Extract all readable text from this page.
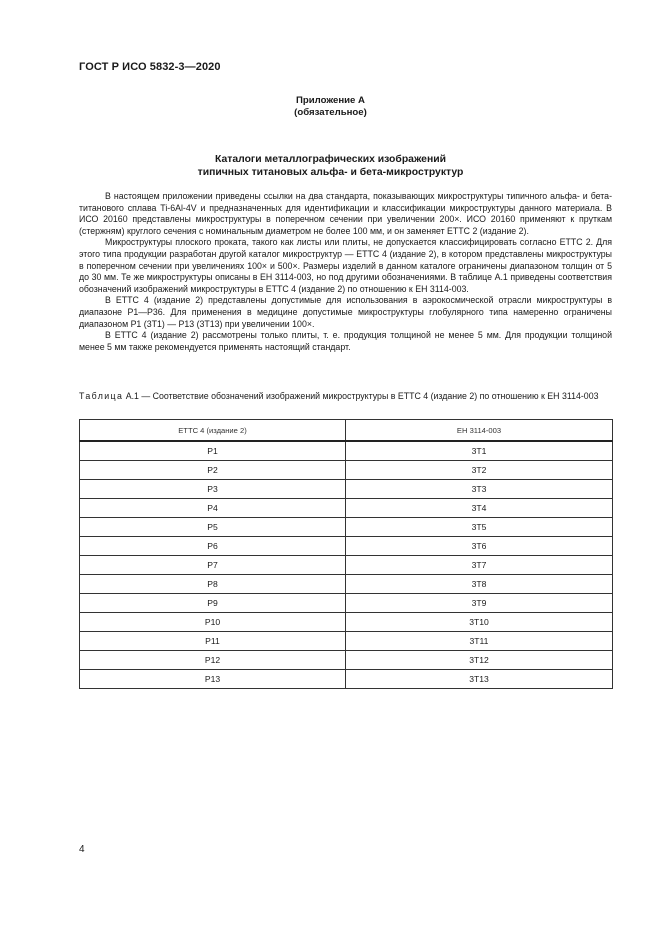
ГОСТ Р ИСО 5832-3—2020
Приложение А
(обязательное)
Каталоги металлографических изображений
типичных титановых альфа- и бета-микроструктур

В настоящем приложении приведены ссылки на два стандарта, показывающих микроструктуры типичного альфа- и бета-титанового сплава Ti-6Al-4V и предназначенных для идентификации и классификации микроструктуры данного материала. В ИСО 20160 представлены микроструктуры в поперечном сечении при увеличении 200×. ИСО 20160 применяют к пруткам (стержням) круглого сечения с номинальным диаметром не более 100 мм, и он заменяет ЕТТС 2 (издание 2).

Микроструктуры плоского проката, такого как листы или плиты, не допускается классифицировать согласно ЕТТС 2. Для этого типа продукции разработан другой каталог микроструктур — ЕТТС 4 (издание 2), в котором представлены микроструктуры в поперечном сечении при увеличениях 100× и 500×. Размеры изделий в данном каталоге ограничены диапазоном толщин от 5 до 30 мм. Те же микроструктуры описаны в ЕН 3114-003, но под другими обозначениями. В таблице А.1 приведены соответствия обозначений изображений микроструктуры в ЕТТС 4 (издание 2) по отношению к ЕН 3114-003.

В ЕТТС 4 (издание 2) представлены допустимые для использования в аэрокосмической отрасли микроструктуры в диапазоне Р1—Р36. Для применения в медицине допустимые микроструктуры глобулярного типа намеренно ограничены диапазоном Р1 (3Т1) — Р13 (3Т13) при увеличении 100×.

В ЕТТС 4 (издание 2) рассмотрены только плиты, т. е. продукция толщиной не менее 5 мм. Для продукции толщиной менее 5 мм также рекомендуется применять настоящий стандарт.

Таблица А.1 — Соответствие обозначений изображений микроструктуры в ЕТТС 4 (издание 2) по отношению к ЕН 3114-003
ЕТТС 4 (издание 2)	ЕН 3114-003
P1	3T1
P2	3T2
P3	3T3
P4	3T4
P5	3T5
P6	3T6
P7	3T7
P8	3T8
P9	3T9
P10	3T10
P11	3T11
P12	3T12
P13	3T13
4
